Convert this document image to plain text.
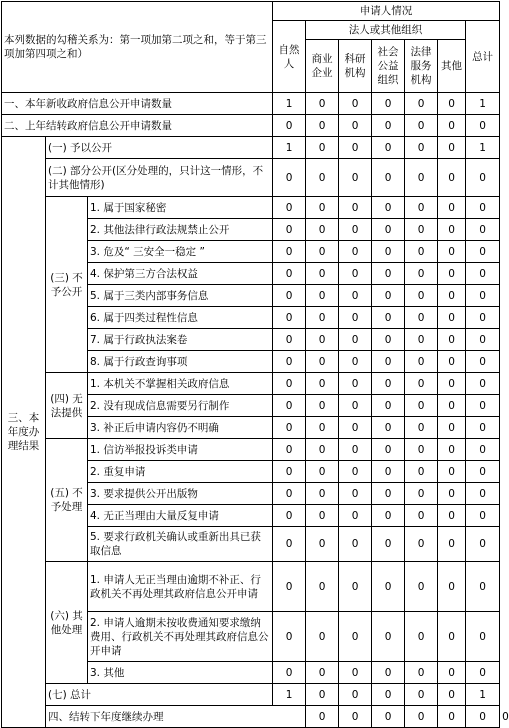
本列数据的勾稽关系为：第一项加第二项之和，等于第三项加第四项之和）			申请人情况							
			自然人	法人或其他组织					总计	
				商业企业	科研机构	社会公益组织	法律服务机构	其他		
一、本年新收政府信息公开申请数量			1	0	0	0	0	0	1	
二、上年结转政府信息公开申请数量			0	0	0	0	0	0	0	
三、本年度办理结果	(一) 予以公开		1	0	0	0	0	0	1	
	(二) 部分公开(区分处理的，只计这一情形，不计其他情形)		0	0	0	0	0	0	0	
	(三) 不予公开	1. 属于国家秘密	0	0	0	0	0	0	0	
		2. 其他法律行政法规禁止公开	0	0	0	0	0	0	0	
		3. 危及“ 三安全一稳定 ”	0	0	0	0	0	0	0	
		4. 保护第三方合法权益	0	0	0	0	0	0	0	
		5. 属于三类内部事务信息	0	0	0	0	0	0	0	
		6. 属于四类过程性信息	0	0	0	0	0	0	0	
		7. 属于行政执法案卷	0	0	0	0	0	0	0	
		8. 属于行政查询事项	0	0	0	0	0	0	0	
	(四) 无法提供	1. 本机关不掌握相关政府信息	0	0	0	0	0	0	0	
		2. 没有现成信息需要另行制作	0	0	0	0	0	0	0	
		3. 补正后申请内容仍不明确	0	0	0	0	0	0	0	
	(五) 不予处理	1. 信访举报投诉类申请	0	0	0	0	0	0	0	
		2. 重复申请	0	0	0	0	0	0	0	
		3. 要求提供公开出版物	0	0	0	0	0	0	0	
		4. 无正当理由大量反复申请	0	0	0	0	0	0	0	
		5. 要求行政机关确认或重新出具已获取信息	0	0	0	0	0	0	0	
	(六) 其他处理	1. 申请人无正当理由逾期不补正、行政机关不再处理其政府信息公开申请	0	0	0	0	0	0	0	
		2. 申请人逾期未按收费通知要求缴纳费用、行政机关不再处理其政府信息公开申请	0	0	0	0	0	0	0	
		3. 其他	0	0	0	0	0	0	0	
	(七) 总计		1	0	0	0	0	0	1	
	四、结转下年度继续办理			0	0	0	0	0	0	0
